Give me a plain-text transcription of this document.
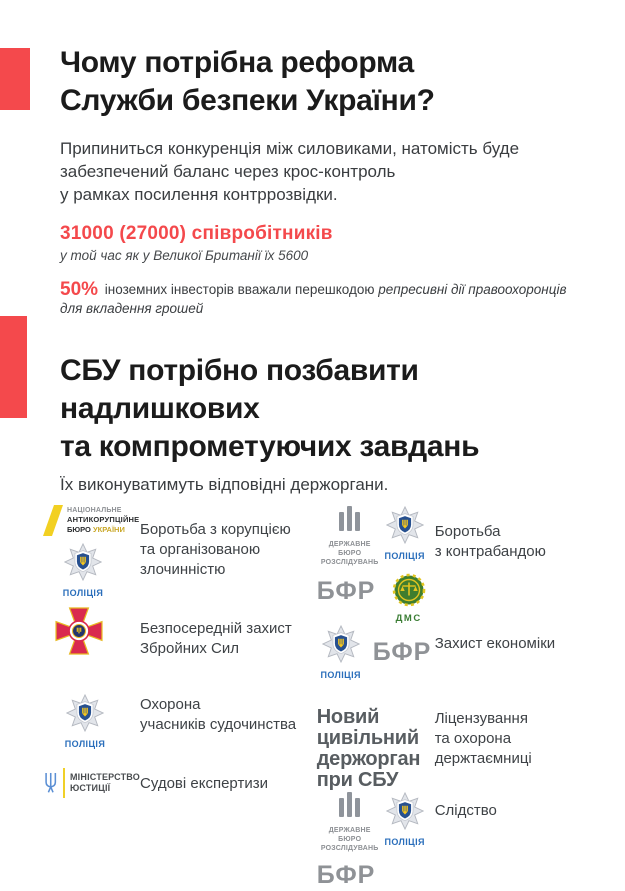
Чому потрібна реформа
Служби безпеки України?
Припиниться конкуренція між силовиками, натомість буде
забезпечений баланс через крос-контроль
у рамках посилення контррозвідки.
31000 (27000) співробітників
у той час як у Великої Британії їх 5600

50% іноземних інвесторів вважали перешкодою репресивні дії правоохоронців
для вкладення грошей

СБУ потрібно позбавити
надлишкових
та компрометуючих завдань
Їх виконуватимуть відповідні держоргани.
НАЦІОНАЛЬНЕ
АНТИКОРУПЦІЙНЕ
БЮРО УКРАЇНИ
ПОЛІЦІЯ
Боротьба з корупцією
та організованою
злочинністю
Безпосередній захист
Збройних Сил
ПОЛІЦІЯ
Охорона
учасників судочинства
МІНІСТЕРСТВО
ЮСТИЦІЇ	Судові експертизи
ДЕРЖАВНЕ БЮРО
РОЗСЛІДУВАНЬ
ПОЛІЦІЯ
БФР
ДМС
Боротьба
з контрабандою
ПОЛІЦІЯ
БФР Захист економіки
Новий
цивільний
держорган
при СБУ
Ліцензування
та охорона
держтаємниці
ДЕРЖАВНЕ БЮРО
РОЗСЛІДУВАНЬ
ПОЛІЦІЯ
БФР
Слідство
